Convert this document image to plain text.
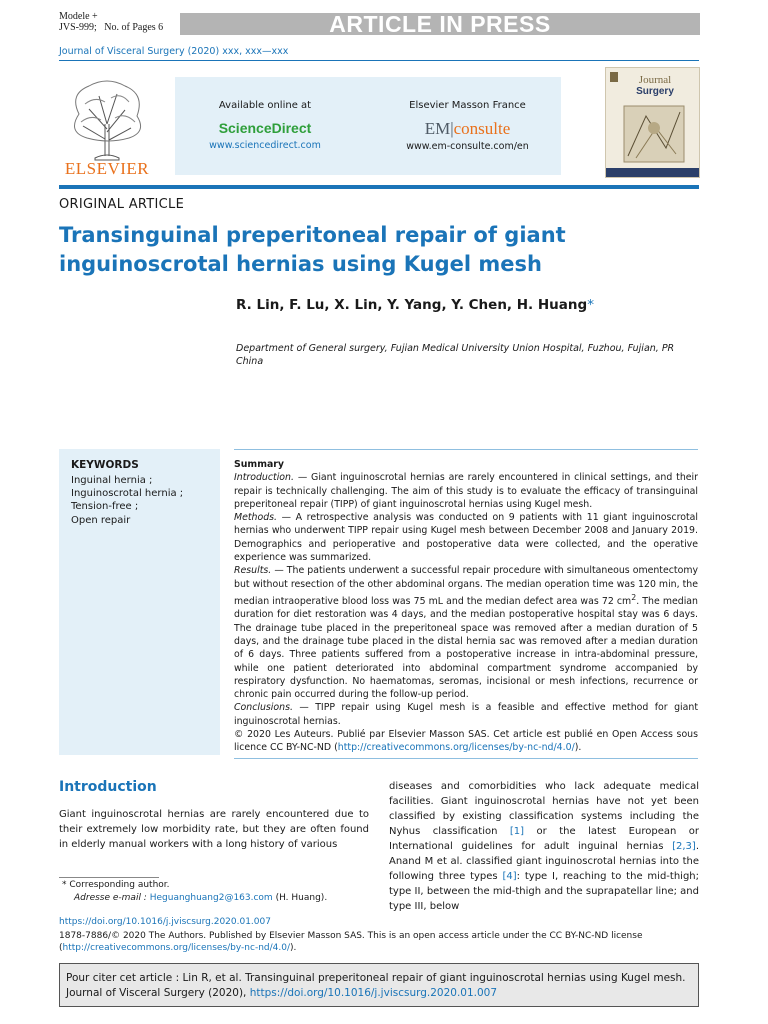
Modele +
JVS-999; No. of Pages 6	ARTICLE IN PRESS
Journal of Visceral Surgery (2020) xxx, xxx—xxx
ELSEVIER
Available online at
ScienceDirect
www.sciencedirect.com
Elsevier Masson France
EM|consulte
www.em-consulte.com/en
Journal
Surgery
ORIGINAL ARTICLE
Transinguinal preperitoneal repair of giant inguinoscrotal hernias using Kugel mesh
R. Lin, F. Lu, X. Lin, Y. Yang, Y. Chen, H. Huang*
Department of General surgery, Fujian Medical University Union Hospital, Fuzhou, Fujian, PR China
KEYWORDS
Inguinal hernia ;
Inguinoscrotal hernia ;
Tension-free ;
Open repair

Summary

Introduction. — Giant inguinoscrotal hernias are rarely encountered in clinical settings, and their repair is technically challenging. The aim of this study is to evaluate the efficacy of transinguinal preperitoneal repair (TIPP) of giant inguinoscrotal hernias using Kugel mesh.

Methods. — A retrospective analysis was conducted on 9 patients with 11 giant inguinoscrotal hernias who underwent TIPP repair using Kugel mesh between December 2008 and January 2019. Demographics and perioperative and postoperative data were collected, and the operative experience was summarized.

Results. — The patients underwent a successful repair procedure with simultaneous omentectomy but without resection of the other abdominal organs. The median operation time was 120 min, the median intraoperative blood loss was 75 mL and the median defect area was 72 $cm^2$. The median duration for diet restoration was 4 days, and the median postoperative hospital stay was 6 days. The drainage tube placed in the preperitoneal space was removed after a median duration of 5 days, and the drainage tube placed in the distal hernia sac was removed after a median duration of 6 days. Three patients suffered from a postoperative increase in intra-abdominal pressure, while one patient deteriorated into abdominal compartment syndrome accompanied by respiratory dysfunction. No haematomas, seromas, incisional or mesh infections, recurrence or chronic pain occurred during the follow-up period.

Conclusions. — TIPP repair using Kugel mesh is a feasible and effective method for giant inguinoscrotal hernias.

© 2020 Les Auteurs. Publié par Elsevier Masson SAS. Cet article est publié en Open Access sous licence CC BY-NC-ND (http://creativecommons.org/licenses/by-nc-nd/4.0/).

Introduction
Giant inguinoscrotal hernias are rarely encountered due to their extremely low morbidity rate, but they are often found in elderly manual workers with a long history of various
diseases and comorbidities who lack adequate medical facilities. Giant inguinoscrotal hernias have not yet been classified by existing classification systems including the Nyhus classification [1] or the latest European or International guidelines for adult inguinal hernias [2,3]. Anand M et al. classified giant inguinoscrotal hernias into the following three types [4]: type I, reaching to the mid-thigh; type II, between the mid-thigh and the suprapatellar line; and type III, below
* Corresponding author.
Adresse e-mail : Heguanghuang2@163.com (H. Huang).
https://doi.org/10.1016/j.jviscsurg.2020.01.007
1878-7886/© 2020 The Authors. Published by Elsevier Masson SAS. This is an open access article under the CC BY-NC-ND license (http://creativecommons.org/licenses/by-nc-nd/4.0/).
Pour citer cet article : Lin R, et al. Transinguinal preperitoneal repair of giant inguinoscrotal hernias using Kugel mesh. Journal of Visceral Surgery (2020), https://doi.org/10.1016/j.jviscsurg.2020.01.007
